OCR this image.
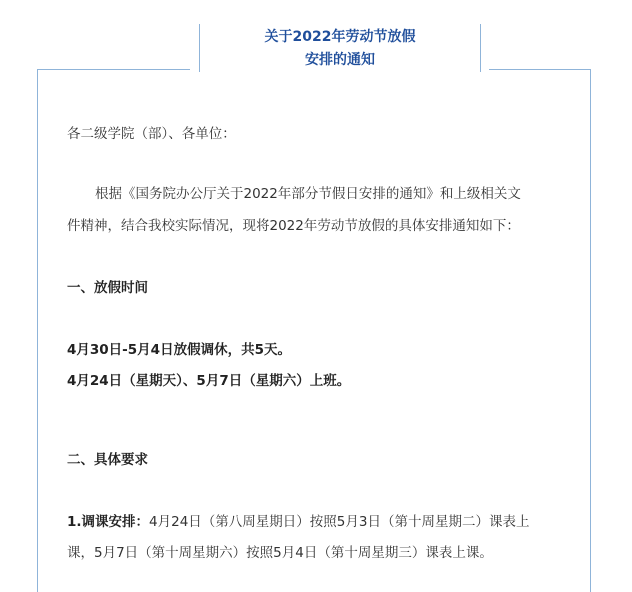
关于2022年劳动节放假
安排的通知
各二级学院（部）、各单位：
根据《国务院办公厅关于2022年部分节假日安排的通知》和上级相关文
件精神，结合我校实际情况，现将2022年劳动节放假的具体安排通知如下：
一、放假时间
4月30日-5月4日放假调休，共5天。
4月24日（星期天）、5月7日（星期六）上班。
二、具体要求
1.调课安排：4月24日（第八周星期日）按照5月3日（第十周星期二）课表上
课，5月7日（第十周星期六）按照5月4日（第十周星期三）课表上课。
